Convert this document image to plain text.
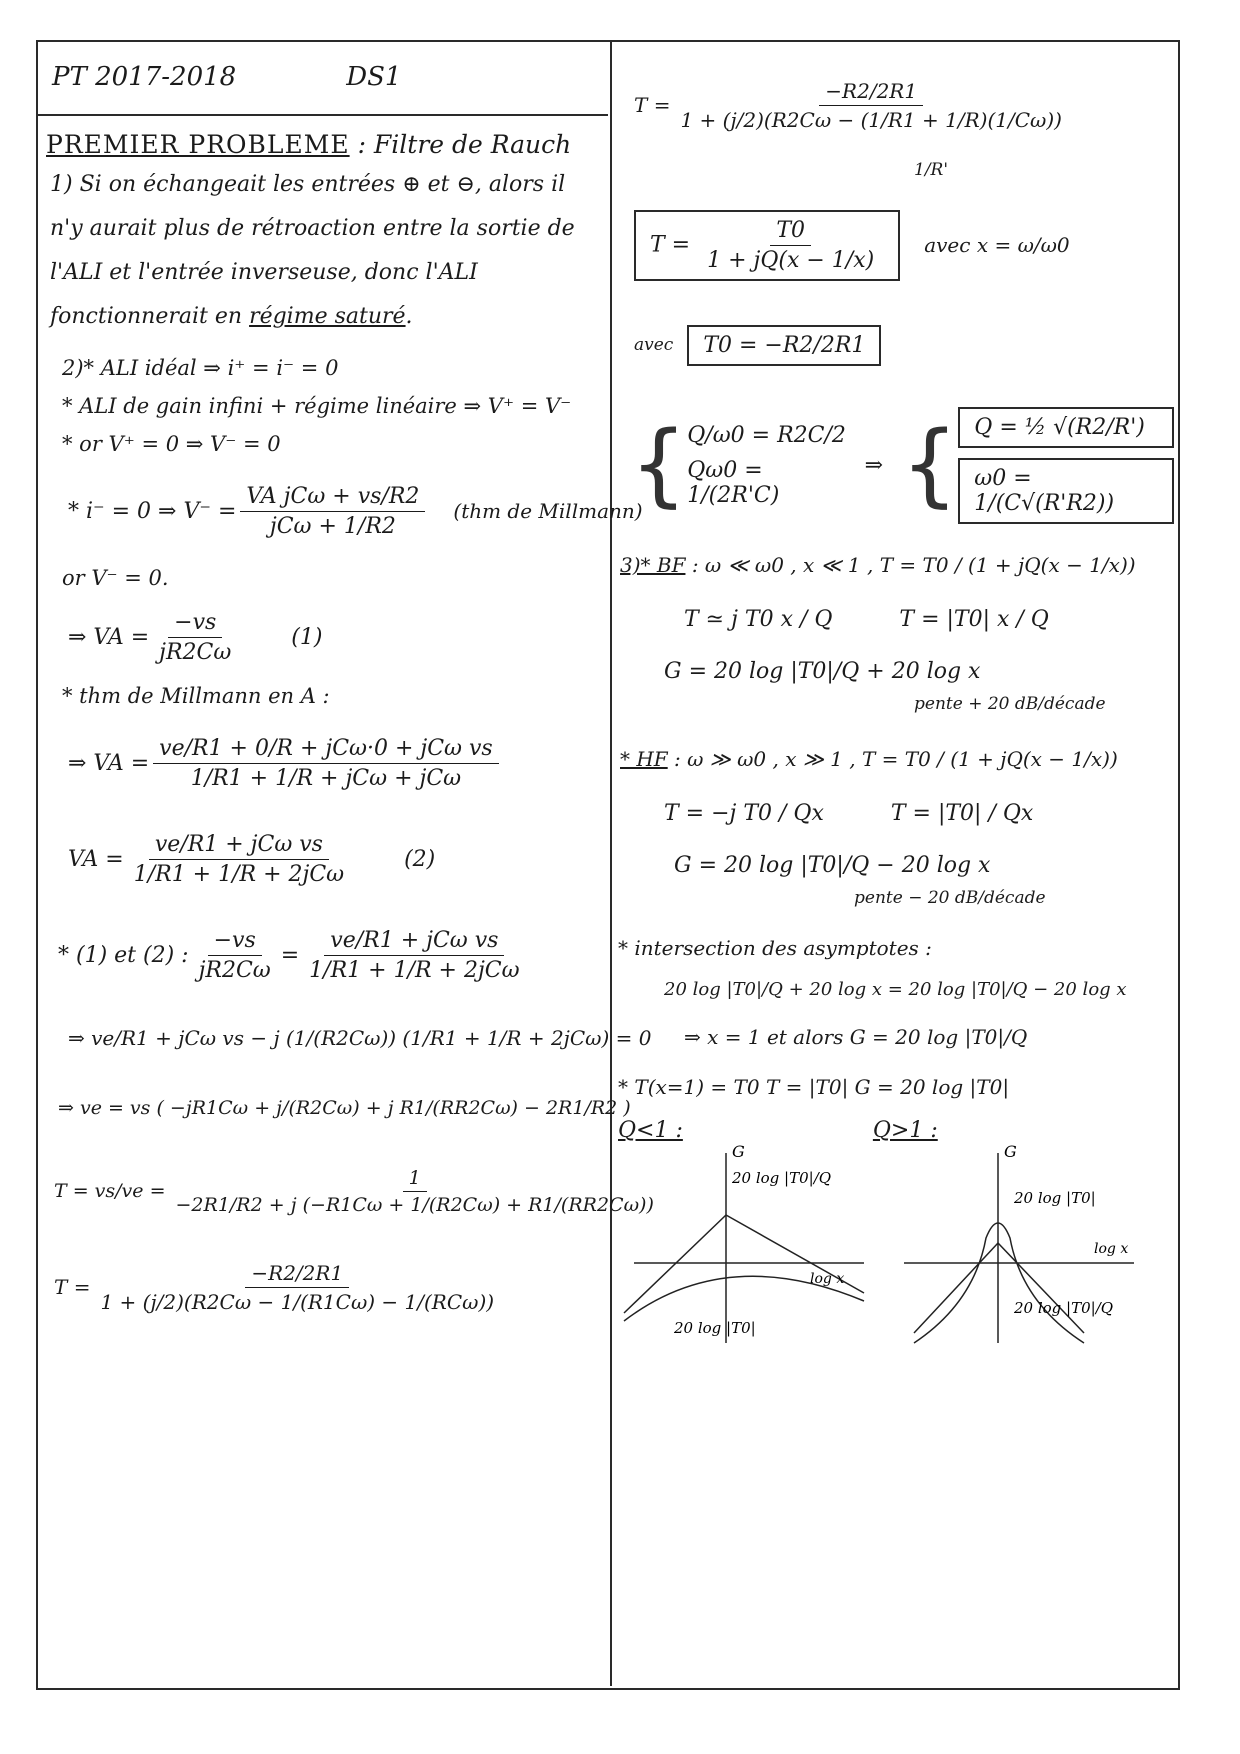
PT 2017-2018	DS1
PREMIER PROBLEME : Filtre de Rauch
1) Si on échangeait les entrées ⊕ et ⊖, alors il n'y aurait plus de rétroaction entre la sortie de l'ALI et l'entrée inverseuse, donc l'ALI fonctionnerait en régime saturé.
2)* ALI idéal ⇒ i⁺ = i⁻ = 0
* ALI de gain infini + régime linéaire ⇒ V⁺ = V⁻
* or V⁺ = 0 ⇒ V⁻ = 0
* i⁻ = 0 ⇒ $V^- = \frac{\text{VA jCω + vs/R2}}{\text{jCω + 1/R2}} (thm$ de Millmann)
or V⁻ = 0.
⇒ VA = $\frac{-vs}{jR2C\omega} (1)$
* thm de Millmann en A :
⇒ VA = $\frac{\text{ve/R1 + 0/R + jCω·0 + jCω vs}}{\text{1/R1 + 1/R + jCω + jCω}}$
VA = $\frac{\text{ve/R1 + jCω vs}}{\text{1/R1 + 1/R + 2jCω}} (2)$
* (1) et (2) : $\frac{-vs}{jR2C\omega} = \frac{\text{ve/R1 + jCω vs}}{\text{1/R1 + 1/R + 2jCω}}$
⇒ ve/R1 + jCω vs − j (1/(R2Cω)) (1/R1 + 1/R + 2jCω) = 0
⇒ ve = vs ( −jR1Cω + j/(R2Cω) + j R1/(RR2Cω) − 2R1/R2 )
$T = vs/ve = \frac{1}{-2R1/R2 + j (-R1C\omega + 1/(R2C\omega) + R1/(RR2C\omega))}$
$T = \frac{-R2/2R1}{\text{1 + (j/2)(R2Cω − 1/(R1Cω) − 1/(RCω))}}$
$T = \frac{-R2/2R1}{1 + (j/2)(R2C\omega - (1/R1 + 1/R)(1/C\omega))}$
1/R'
$T = \frac{T0}{1 + jQ(x - 1/x)}$ avec x = ω/ω0
avec	T0 = −R2/2R1
{ Q/ω0 = R2C/2
Qω0 = 1/(2R'C)
⇒ { Q = ½ √(R2/R')
ω0 = 1/(C√(R'R2))
3)* BF : ω ≪ ω0 , x ≪ 1 , T = T0 / (1 + jQ(x − 1/x))
T ≃ j T0 x / Q	T = |T0| x / Q
G = 20 log |T0|/Q + 20 log x
pente + 20 dB/décade
* HF : ω ≫ ω0 , x ≫ 1 , T = T0 / (1 + jQ(x − 1/x))
T = −j T0 / Qx	T = |T0| / Qx
G = 20 log |T0|/Q − 20 log x
pente − 20 dB/décade
* intersection des asymptotes :
20 log |T0|/Q + 20 log x = 20 log |T0|/Q − 20 log x
⇒ x = 1 et alors G = 20 log |T0|/Q
* T(x=1) = T0 T = |T0| G = 20 log |T0|
Q<1 :	Q>1 :
G
20 log |T0|/Q
20 log |T0|
log x
G
20 log |T0|
20 log |T0|/Q
log x
